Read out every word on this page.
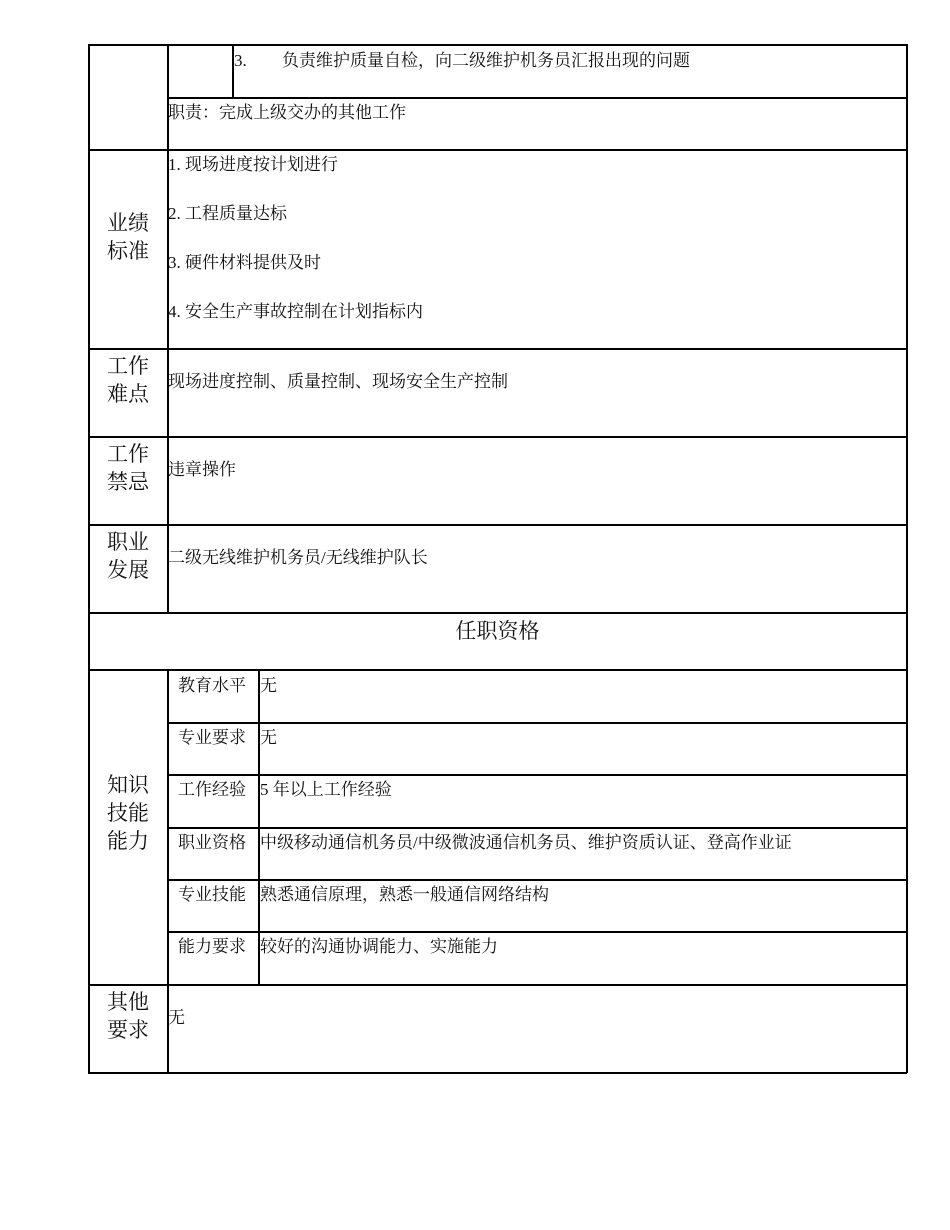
3. 负责维护质量自检，向二级维护机务员汇报出现的问题
职责：完成上级交办的其他工作
业绩
标准
1. 现场进度按计划进行
2. 工程质量达标
3. 硬件材料提供及时
4. 安全生产事故控制在计划指标内
工作
难点
现场进度控制、质量控制、现场安全生产控制
工作
禁忌
违章操作
职业
发展
二级无线维护机务员/无线维护队长
任职资格
知识
技能
能力
教育水平 无
专业要求 无
工作经验 5 年以上工作经验
职业资格 中级移动通信机务员/中级微波通信机务员、维护资质认证、登高作业证
专业技能 熟悉通信原理，熟悉一般通信网络结构
能力要求 较好的沟通协调能力、实施能力
其他
要求
无
